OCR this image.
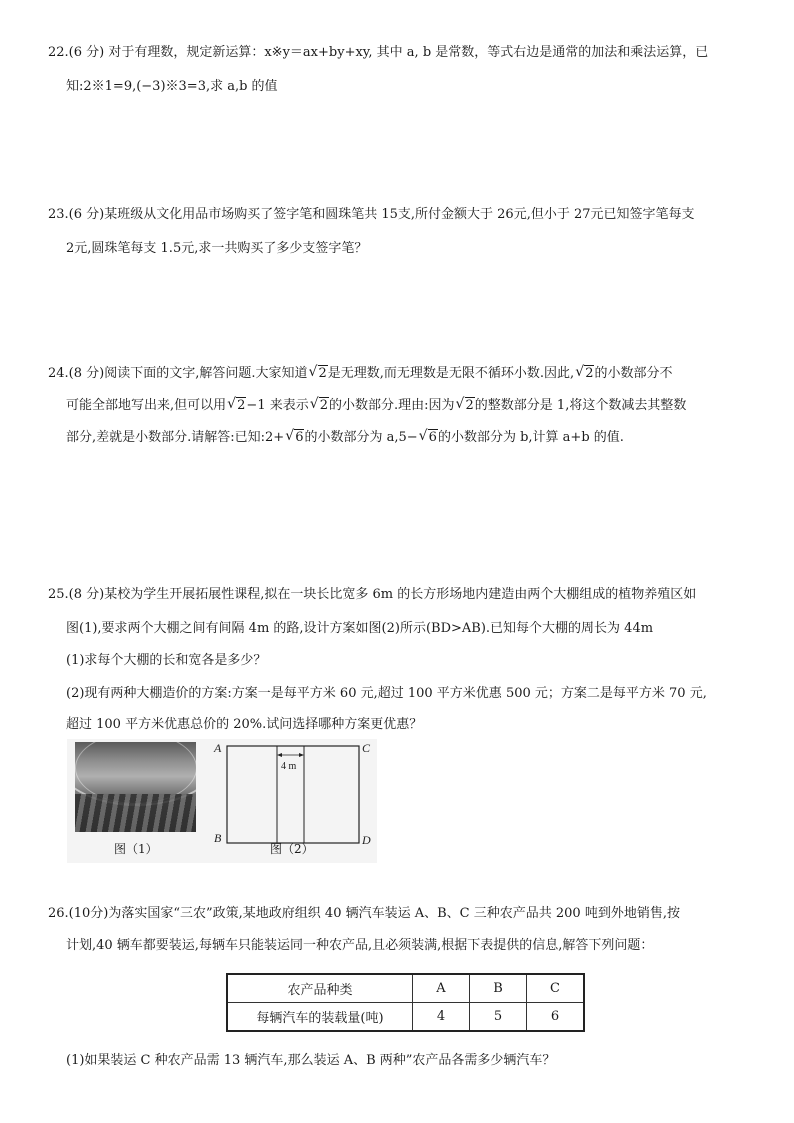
22.(6 分) 对于有理数，规定新运算：x※y＝ax+by+xy, 其中 a, b 是常数，等式右边是通常的加法和乘法运算，已
知:2※1=9,(−3)※3=3,求 a,b 的值
23.(6 分)某班级从文化用品市场购买了签字笔和圆珠笔共 15支,所付金额大于 26元,但小于 27元已知签字笔每支
2元,圆珠笔每支 1.5元,求一共购买了多少支签字笔？
24.(8 分)阅读下面的文字,解答问题.大家知道 √ 2是无理数,而无理数是无限不循环小数.因此, √ 2的小数部分不
可能全部地写出来,但可以用 √ 2−1 来表示 √ 2的小数部分.理由:因为 √ 2的整数部分是 1,将这个数减去其整数
部分,差就是小数部分.请解答:已知:2+ √ 6的小数部分为 a,5− √ 6的小数部分为 b,计算 a+b 的值.
25.(8 分)某校为学生开展拓展性课程,拟在一块长比宽多 6m 的长方形场地内建造由两个大棚组成的植物养殖区如
图(1),要求两个大棚之间有间隔 4m 的路,设计方案如图(2)所示(BD>AB).已知每个大棚的周长为 44m
(1)求每个大棚的长和宽各是多少？
(2)现有两种大棚造价的方案:方案一是每平方米 60 元,超过 100 平方米优惠 500 元；方案二是每平方米 70 元,
超过 100 平方米优惠总价的 20%.试问选择哪种方案更优惠？
图（1）
4 m
A
B
C
D
图（2）
26.(10分)为落实国家“三农”政策,某地政府组织 40 辆汽车装运 A、B、C 三种农产品共 200 吨到外地销售,按
计划,40 辆车都要装运,每辆车只能装运同一种农产品,且必须装满,根据下表提供的信息,解答下列问题：
农产品种类	A	B	C
每辆汽车的装载量(吨)	4	5	6
(1)如果装运 C 种农产品需 13 辆汽车,那么装运 A、B 两种”农产品各需多少辆汽车？
